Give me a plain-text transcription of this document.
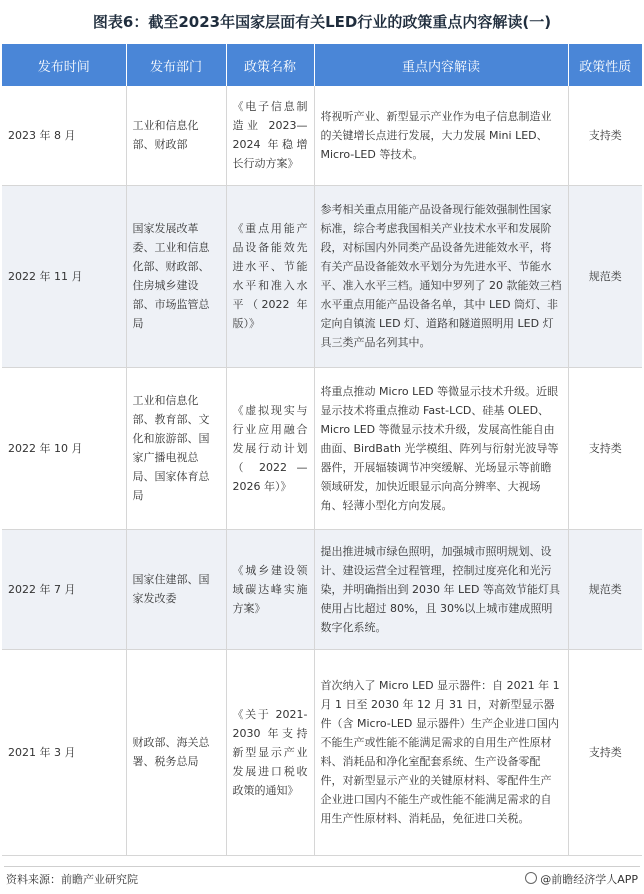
图表6：截至2023年国家层面有关LED行业的政策重点内容解读(一)
发布时间	发布部门	政策名称	重点内容解读	政策性质
2023 年 8 月	工业和信息化部、财政部	《电子信息制造业 2023—2024 年稳增长行动方案》	将视听产业、新型显示产业作为电子信息制造业的关键增长点进行发展，大力发展 Mini LED、Micro-LED 等技术。	支持类
2022 年 11 月	国家发展改革委、工业和信息化部、财政部、住房城乡建设部、市场监管总局	《重点用能产品设备能效先进水平、节能水平和准入水平（2022 年版）》	参考相关重点用能产品设备现行能效强制性国家标准，综合考虑我国相关产业技术水平和发展阶段，对标国内外同类产品设备先进能效水平，将有关产品设备能效水平划分为先进水平、节能水平、准入水平三档。通知中罗列了 20 款能效三档水平重点用能产品设备名单，其中 LED 筒灯、非定向自镇流 LED 灯、道路和隧道照明用 LED 灯具三类产品名列其中。	规范类
2022 年 10 月	工业和信息化部、教育部、文化和旅游部、国家广播电视总局、国家体育总局	《虚拟现实与行业应用融合发展行动计划（ 2022 — 2026 年）》	将重点推动 Micro LED 等微显示技术升级。近眼显示技术将重点推动 Fast-LCD、硅基 OLED、Micro LED 等微显示技术升级，发展高性能自由曲面、BirdBath 光学模组、阵列与衍射光波导等器件，开展辐辏调节冲突缓解、光场显示等前瞻领域研发，加快近眼显示向高分辨率、大视场角、轻薄小型化方向发展。	支持类
2022 年 7 月	国家住建部、国家发改委	《城乡建设领域碳达峰实施方案》	提出推进城市绿色照明，加强城市照明规划、设计、建设运营全过程管理，控制过度亮化和光污染，并明确指出到 2030 年 LED 等高效节能灯具使用占比超过 80%，且 30%以上城市建成照明数字化系统。	规范类
2021 年 3 月	财政部、海关总署、税务总局	《关于 2021-2030 年支持新型显示产业发展进口税收政策的通知》	首次纳入了 Micro LED 显示器件：自 2021 年 1 月 1 日至 2030 年 12 月 31 日，对新型显示器件（含 Micro-LED 显示器件）生产企业进口国内不能生产或性能不能满足需求的自用生产性原材料、消耗品和净化室配套系统、生产设备零配件，对新型显示产业的关键原材料、零配件生产企业进口国内不能生产或性能不能满足需求的自用生产性原材料、消耗品，免征进口关税。	支持类
资料来源：前瞻产业研究院	@前瞻经济学人APP
